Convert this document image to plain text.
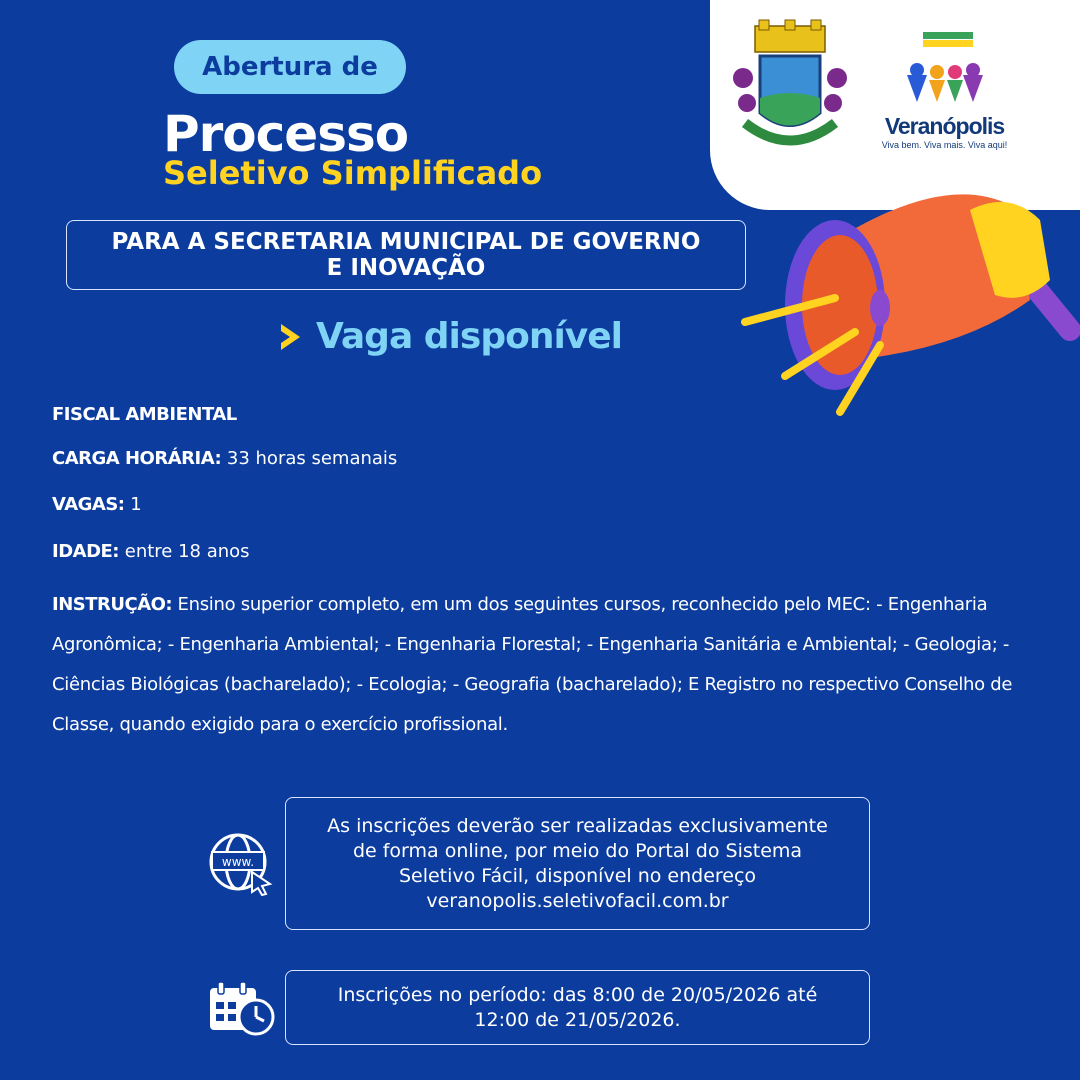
Abertura de
Processo
Seletivo Simplificado
Veranópolis
Viva bem. Viva mais. Viva aqui!
PARA A SECRETARIA MUNICIPAL DE GOVERNO E INOVAÇÃO
Vaga disponível
FISCAL AMBIENTAL
CARGA HORÁRIA: 33 horas semanais
VAGAS: 1
IDADE: entre 18 anos
INSTRUÇÃO: Ensino superior completo, em um dos seguintes cursos, reconhecido pelo MEC: - Engenharia Agronômica; - Engenharia Ambiental; - Engenharia Florestal; - Engenharia Sanitária e Ambiental; - Geologia; - Ciências Biológicas (bacharelado); - Ecologia; - Geografia (bacharelado); E Registro no respectivo Conselho de Classe, quando exigido para o exercício profissional.
www.
As inscrições deverão ser realizadas exclusivamente de forma online, por meio do Portal do Sistema Seletivo Fácil, disponível no endereço veranopolis.seletivofacil.com.br
Inscrições no período: das 8:00 de 20/05/2026 até 12:00 de 21/05/2026.
